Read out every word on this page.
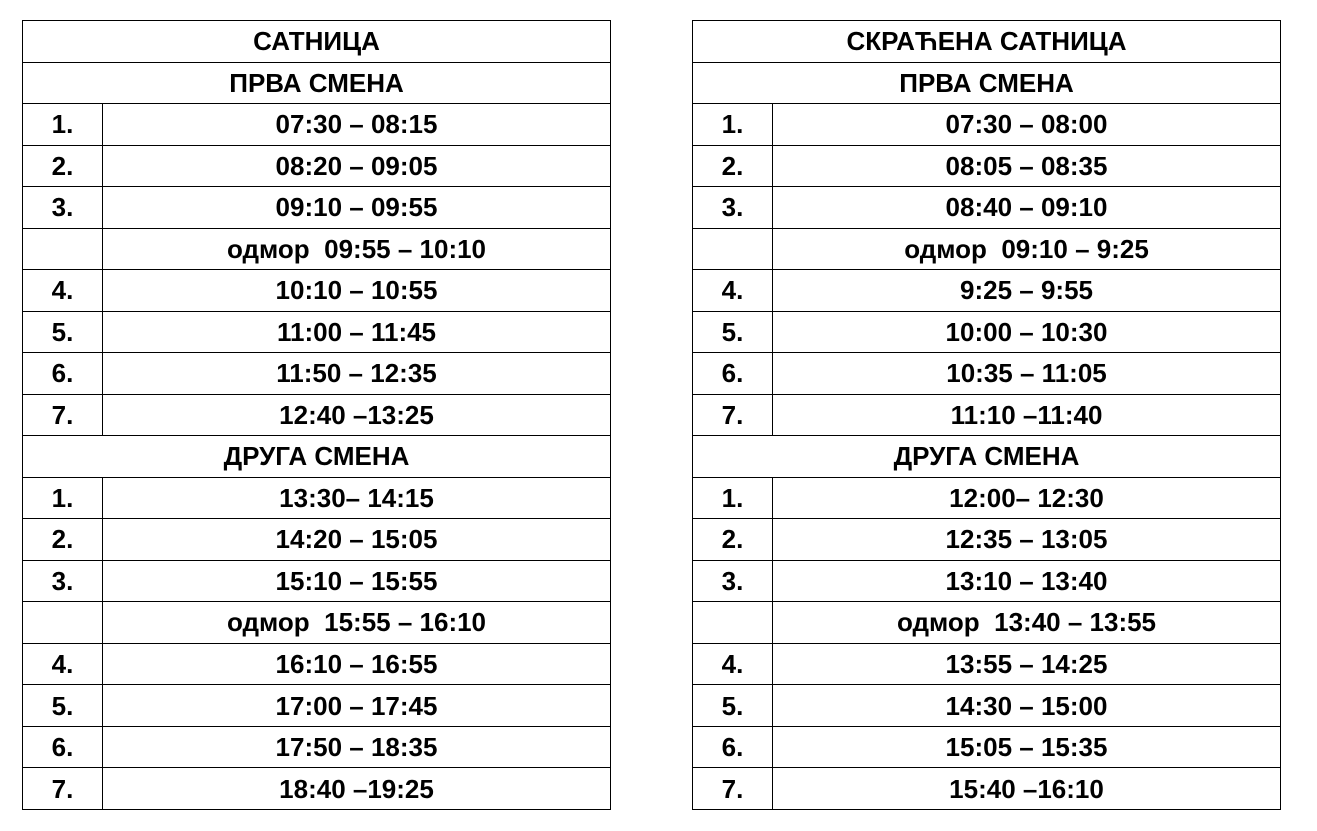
САТНИЦА	
ПРВА СМЕНА	
1.	07:30 – 08:15
2.	08:20 – 09:05
3.	09:10 – 09:55
	одмор  09:55 – 10:10
4.	10:10 – 10:55
5.	11:00 – 11:45
6.	11:50 – 12:35
7.	12:40 –13:25
ДРУГА СМЕНА	
1.	13:30– 14:15
2.	14:20 – 15:05
3.	15:10 – 15:55
	одмор  15:55 – 16:10
4.	16:10 – 16:55
5.	17:00 – 17:45
6.	17:50 – 18:35
7.	18:40 –19:25
СКРАЋЕНА САТНИЦА	
ПРВА СМЕНА	
1.	07:30 – 08:00
2.	08:05 – 08:35
3.	08:40 – 09:10
	одмор  09:10 – 9:25
4.	9:25 – 9:55
5.	10:00 – 10:30
6.	10:35 – 11:05
7.	11:10 –11:40
ДРУГА СМЕНА	
1.	12:00– 12:30
2.	12:35 – 13:05
3.	13:10 – 13:40
	одмор  13:40 – 13:55
4.	13:55 – 14:25
5.	14:30 – 15:00
6.	15:05 – 15:35
7.	15:40 –16:10
